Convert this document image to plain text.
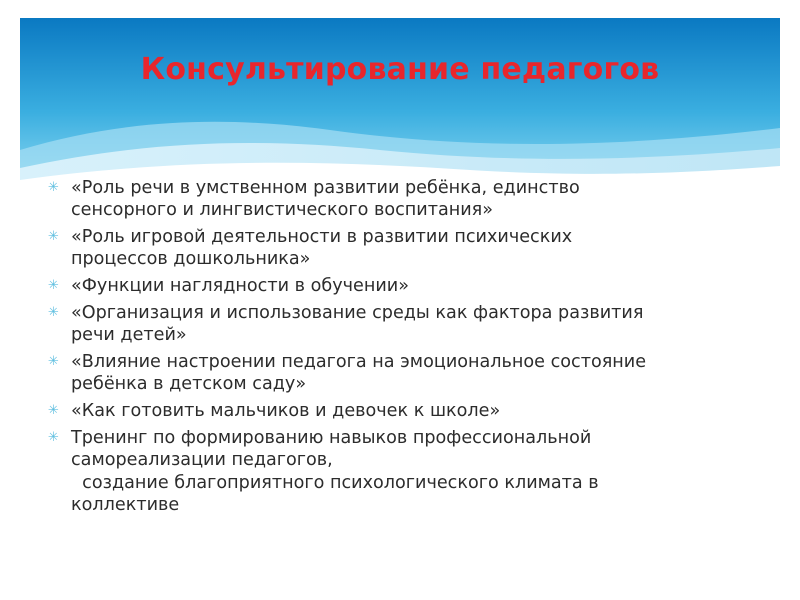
Консультирование педагогов
✳ «Роль речи в умственном развитии ребёнка, единство
сенсорного и лингвистического воспитания»
✳ «Роль игровой деятельности в развитии психических
процессов дошкольника»
✳ «Функции наглядности в обучении»
✳ «Организация и использование среды как фактора развития
речи детей»
✳ «Влияние настроении педагога на эмоциональное состояние
ребёнка в детском саду»
✳ «Как готовить мальчиков и девочек к школе»
✳ Тренинг по формированию навыков профессиональной
самореализации педагогов,
создание благоприятного психологического климата в
коллективе
